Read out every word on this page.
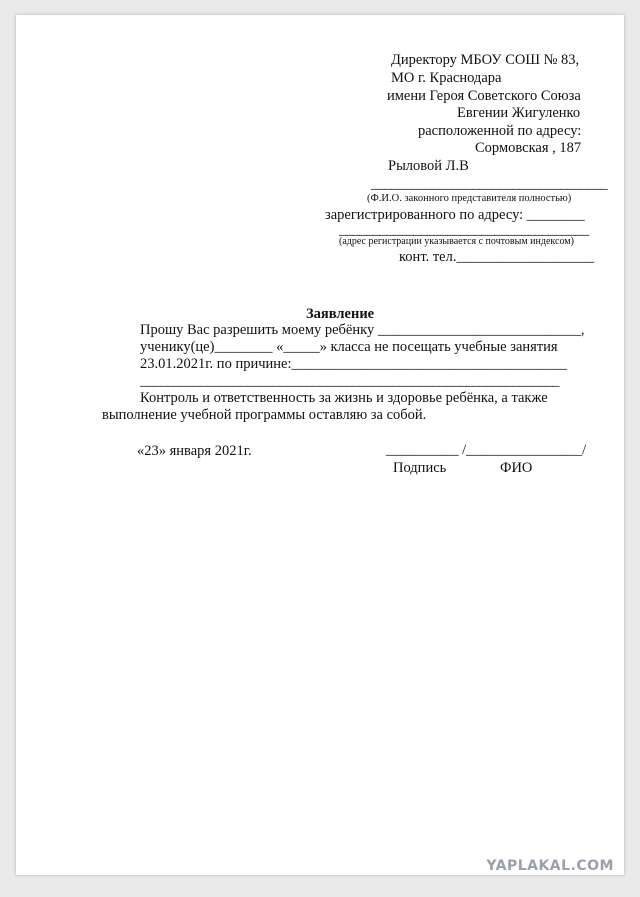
Директору МБОУ СОШ № 83,
МО г. Краснодара
имени Героя Советского Союза
Евгении Жигуленко
расположенной по адресу:
Сормовская , 187
Рыловой Л.В
___________________________________
(Ф.И.О. законного представителя полностью)
зарегистрированного по адресу: ________
_____________________________________
(адрес регистрации указывается с почтовым индексом)
конт. тел.___________________
Заявление
Прошу Вас разрешить моему ребёнку ____________________________,
ученику(це)________ «_____» класса не посещать учебные занятия
23.01.2021г. по причине:______________________________________
_______________________________________________________________
Контроль и ответственность за жизнь и здоровье ребёнка, а также
выполнение учебной программы оставляю за собой.
«23» января 2021г.	__________ /________________/
Подпись	ФИО
YAPLAKAL.COM
